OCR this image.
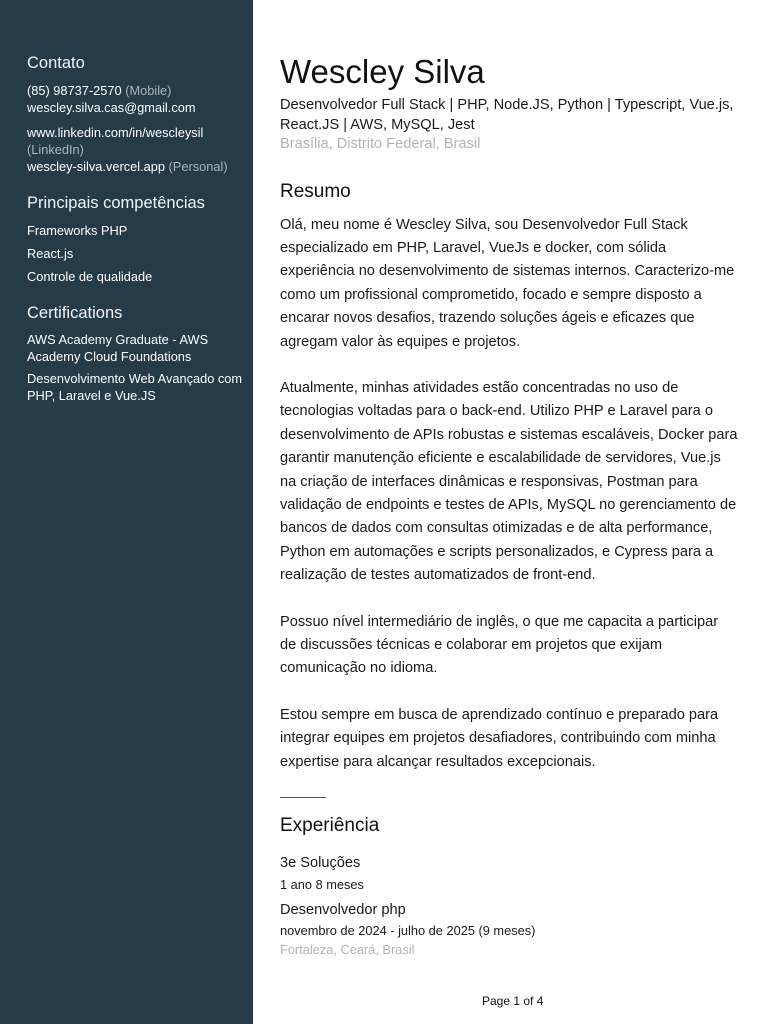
Contato
(85) 98737-2570 (Mobile)
wescley.silva.cas@gmail.com
www.linkedin.com/in/wescleysil
(LinkedIn)
wescley-silva.vercel.app (Personal)
Principais competências
Frameworks PHP
React.js
Controle de qualidade
Certifications
AWS Academy Graduate - AWS Academy Cloud Foundations
Desenvolvimento Web Avançado com PHP, Laravel e Vue.JS
Wescley Silva
Desenvolvedor Full Stack | PHP, Node.JS, Python | Typescript, Vue.js, React.JS | AWS, MySQL, Jest
Brasília, Distrito Federal, Brasil
Resumo

Olá, meu nome é Wescley Silva, sou Desenvolvedor Full Stack especializado em PHP, Laravel, VueJs e docker, com sólida experiência no desenvolvimento de sistemas internos. Caracterizo-me como um profissional comprometido, focado e sempre disposto a encarar novos desafios, trazendo soluções ágeis e eficazes que agregam valor às equipes e projetos.

Atualmente, minhas atividades estão concentradas no uso de tecnologias voltadas para o back-end. Utilizo PHP e Laravel para o desenvolvimento de APIs robustas e sistemas escaláveis, Docker para garantir manutenção eficiente e escalabilidade de servidores, Vue.js na criação de interfaces dinâmicas e responsivas, Postman para validação de endpoints e testes de APIs, MySQL no gerenciamento de bancos de dados com consultas otimizadas e de alta performance, Python em automações e scripts personalizados, e Cypress para a realização de testes automatizados de front-end.

Possuo nível intermediário de inglês, o que me capacita a participar de discussões técnicas e colaborar em projetos que exijam comunicação no idioma.

Estou sempre em busca de aprendizado contínuo e preparado para integrar equipes em projetos desafiadores, contribuindo com minha expertise para alcançar resultados excepcionais.

Experiência
3e Soluções
1 ano 8 meses
Desenvolvedor php
novembro de 2024 - julho de 2025 (9 meses)
Fortaleza, Ceará, Brasil
Page 1 of 4
